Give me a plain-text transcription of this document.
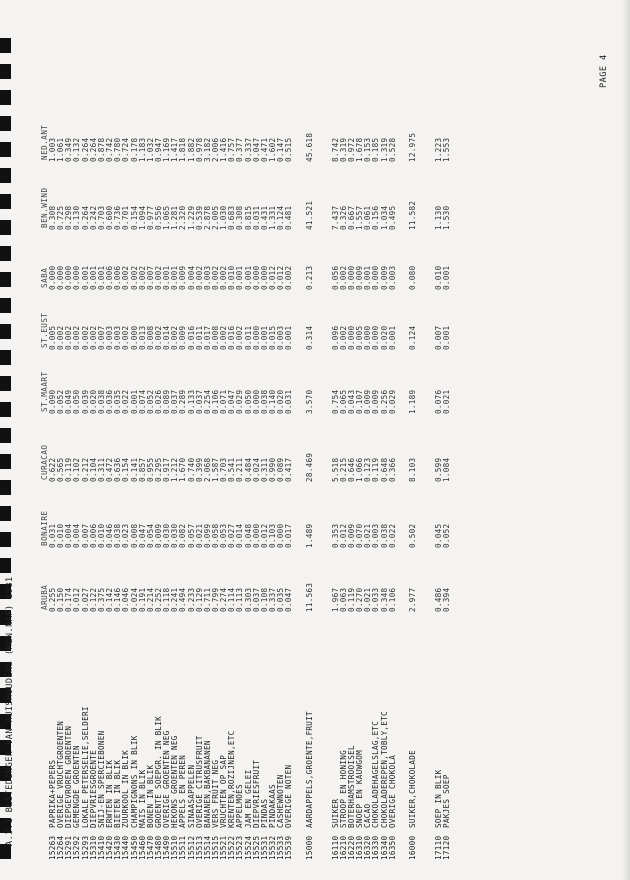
A.3.1 BESTEDINGEN VAN HUISHOUDENS (MLN.NAF) 1981
PAGE 4
ARUBA
BONAIRE
CURACAO
ST.MAART
ST.EUST
SABA
BEN.WIND
NED.ANT
15263
PAPRIKA+PEPERS
0.255
0.031
0.622
0.090
0.005
0.000
0.308
1.003
15264
OVERIGE VRUCHTGROENTEN
0.150
0.010
0.565
0.052
0.002
0.000
0.725
1.061
15291
DIEPGEVROREN GROENTEN
0.174
0.004
0.119
0.049
0.002
0.000
0.298
0.349
15292
GEMENGDE GROENTEN
0.012
0.004
0.102
0.050
0.002
0.000
0.130
0.132
15293
LOKALE PETERSELIE,SELDERI
0.027
0.007
0.212
0.039
0.002
0.001
0.264
0.264
15310
DIEPVRIESGROENTE
0.122
0.006
0.104
0.020
0.002
0.001
0.242
0.264
15410
SNIJ-EN SPERCIEBONEN
0.375
0.010
0.311
0.038
0.007
0.001
0.703
0.878
15420
ERWTEN IN BLIK
0.142
0.046
0.472
0.036
0.003
0.006
0.600
0.742
15430
BIETEN IN BLIK
0.146
0.038
0.636
0.035
0.003
0.006
0.736
0.780
15440
ZUURKOOL IN BLIK
0.046
0.023
0.154
0.022
0.002
0.002
0.701
0.724
15450
CHAMPIGNONS IN BLIK
0.024
0.008
0.141
0.001
0.000
0.002
0.154
0.178
15460
MAIS IN BLIK
0.191
0.047
0.857
0.074
0.013
0.002
1.094
1.183
15470
BONEN IN BLIK
0.214
0.054
0.955
0.052
0.008
0.007
0.977
1.032
15480
GROENTE SOEPGR. IN BLIK
0.252
0.009
0.295
0.026
0.002
0.002
0.556
0.947
15490
OVERIGE GROENTEN NEG
0.118
0.030
0.917
0.089
0.014
0.001
1.065
1.169
15510
HEKONS GROENTEN NEG
0.241
0.030
1.212
0.037
0.002
0.001
1.281
1.417
15511
APPELS EN PEREN
0.494
0.082
1.670
0.289
0.009
0.009
2.320
1.818
15512
SINAASAPPELEN
0.233
0.057
0.740
0.133
0.016
0.004
1.229
1.882
15513
OVERIGE CITRUSFRUIT
0.129
0.021
0.399
0.037
0.011
0.002
0.539
0.978
15514
BANANEN,BAKBANANEN
0.711
0.099
2.068
0.254
0.017
0.003
2.878
3.182
15515
VERS FRUIT NEG
0.799
0.058
1.587
0.106
0.008
0.002
2.005
2.006
15521
VRUCHTEN OP SAP
0.274
0.053
0.703
0.071
0.002
0.002
1.030
1.416
15522
KRENTEN,ROZIJNEN,ETC
0.114
0.027
0.541
0.047
0.016
0.010
0.683
0.757
15523
APPELMOES
0.113
0.014
0.211
0.029
0.002
0.001
0.308
0.377
15524
JAM EN GELEI
0.303
0.048
0.484
0.050
0.011
0.001
0.815
0.337
15525
DIEPVRIESFRUIT
0.037
0.000
0.024
0.000
0.000
0.000
0.031
0.047
15531
PINDAS
0.108
0.012
0.311
0.038
0.001
0.000
0.431
0.471
15532
PINDAKAAS
0.337
0.103
0.990
0.140
0.015
0.012
1.331
1.602
15533
CASHEWNOTEN
0.035
0.000
0.089
0.020
0.003
0.012
0.124
0.147
15539
OVERIGE NOTEN
0.047
0.017
0.417
0.031
0.001
0.002
0.481
0.515
15000
AARDAPPELS,GROENTE,FRUIT
11.563
1.489
28.469
3.570
0.314
0.213
41.521
45.618
16110
SUIKER
1.967
0.353
5.518
0.754
0.096
0.056
7.437
8.742
16210
STROOP EN HONING
0.063
0.012
0.215
0.065
0.002
0.002
0.326
0.319
16220
BOTERHAMSTROOISEL
0.119
0.009
0.646
0.043
0.000
0.000
0.667
0.972
16310
SNOEP EN KAUWGOM
0.270
0.070
1.066
0.107
0.005
0.009
1.557
1.678
16320
CACAO
0.021
0.021
0.123
0.009
0.000
0.001
0.061
0.153
16330
CHOKOLADEHAGELSLAG,ETC
0.033
0.003
0.119
0.009
0.000
0.000
0.156
0.185
16340
CHOKOLADEREPEN,TOBLY,ETC
0.348
0.038
0.648
0.256
0.020
0.009
1.034
1.319
16350
OVERIGE CHOKOLA
0.106
0.022
0.366
0.029
0.001
0.003
0.495
0.528
16000
SUIKER,CHOKOLADE
2.977
0.502
8.103
1.189
0.124
0.080
11.582
12.975
17110
SOEP IN BLIK
0.486
0.045
0.599
0.076
0.007
0.010
1.130
1.223
17120
PAKJES SOEP
0.394
0.052
1.084
0.021
0.001
0.001
1.530
1.553
